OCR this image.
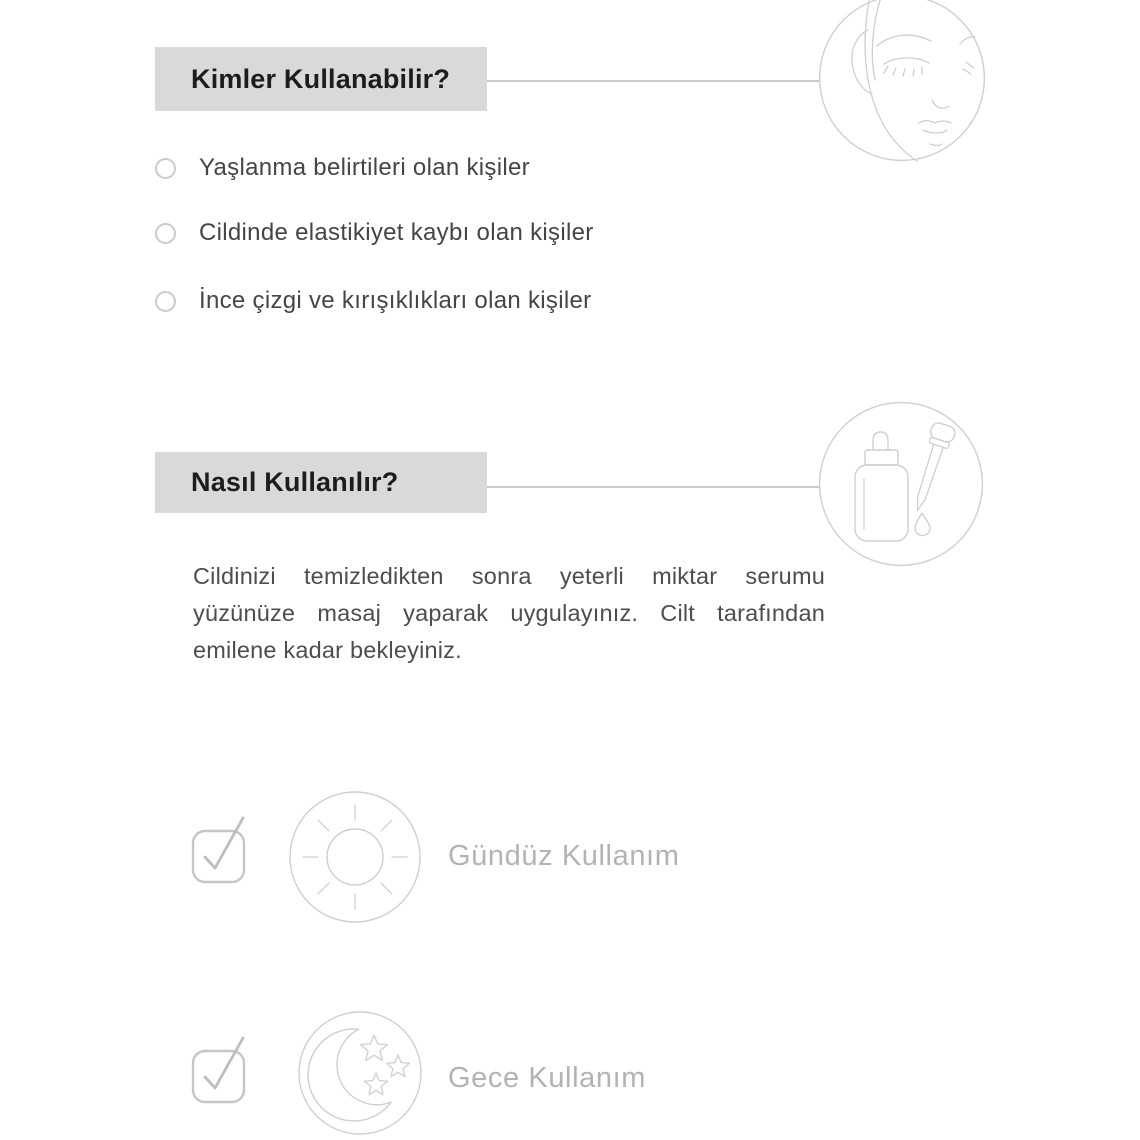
Kimler Kullanabilir?
Yaşlanma belirtileri olan kişiler
Cildinde elastikiyet kaybı olan kişiler
İnce çizgi ve kırışıklıkları olan kişiler
Nasıl Kullanılır?
Cildinizi temizledikten sonra yeterli miktar serumu
yüzünüze masaj yaparak uygulayınız. Cilt tarafından
emilene kadar bekleyiniz.
Gündüz Kullanım
Gece Kullanım
